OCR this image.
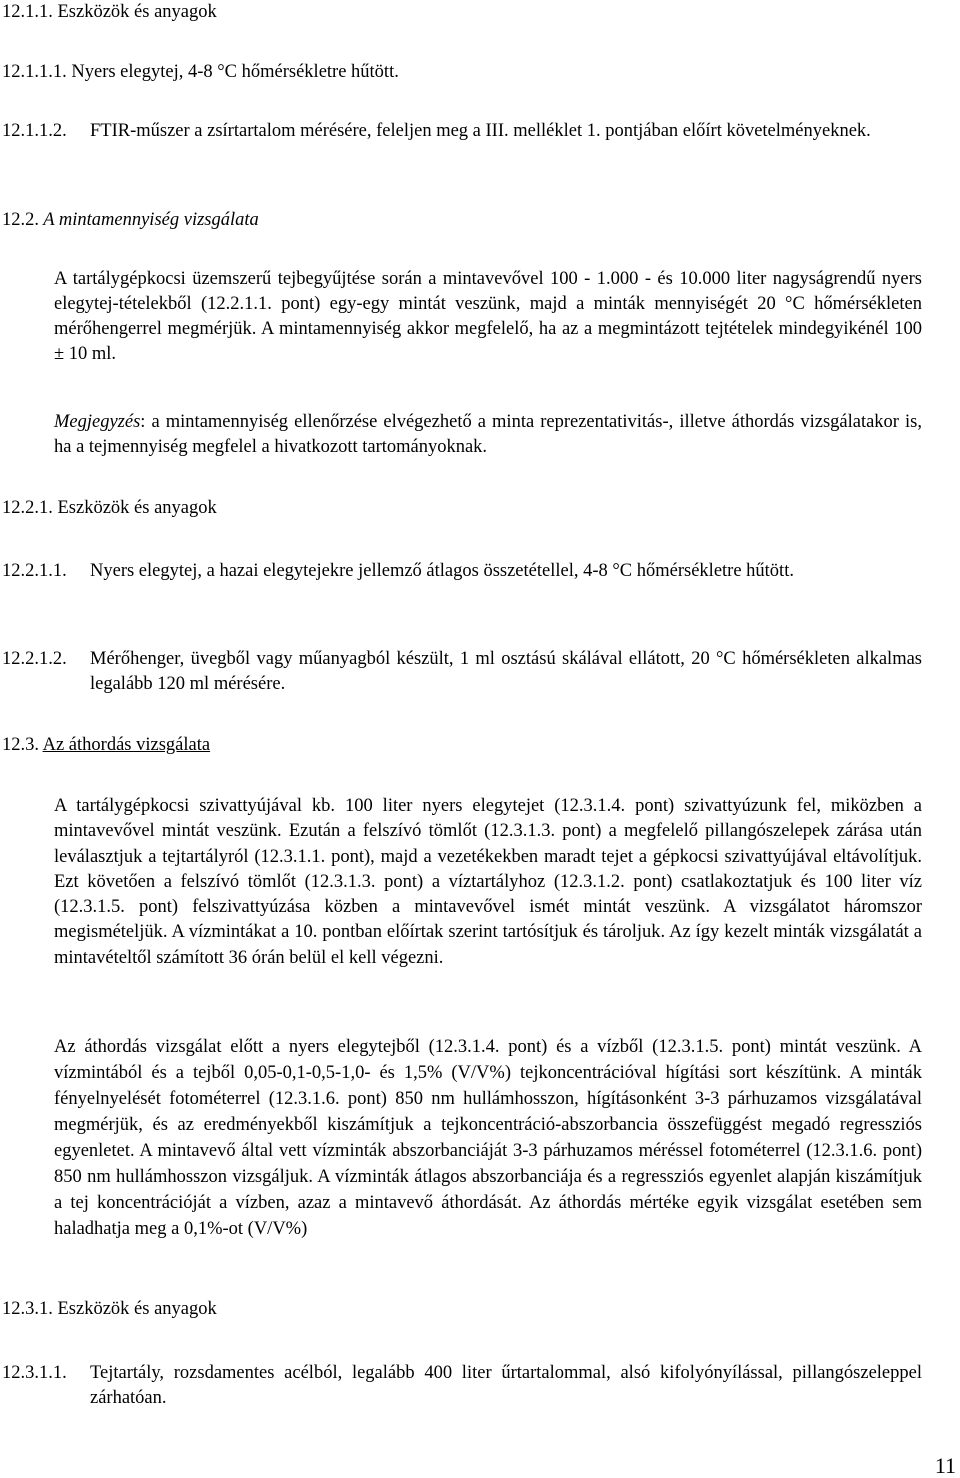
12.1.1. Eszközök és anyagok

12.1.1.1. Nyers elegytej, 4-8 °C hőmérsékletre hűtött.

12.1.1.2.	FTIR-műszer a zsírtartalom mérésére, feleljen meg a III. melléklet 1. pontjában előírt követelményeknek.

12.2. A mintamennyiség vizsgálata

A tartálygépkocsi üzemszerű tejbegyűjtése során a mintavevővel 100 - 1.000 - és 10.000 liter nagyságrendű nyers elegytej-tételekből (12.2.1.1. pont) egy-egy mintát veszünk, majd a minták mennyiségét 20 °C hőmérsékleten mérőhengerrel megmérjük. A mintamennyiség akkor megfelelő, ha az a megmintázott tejtételek mindegyikénél 100 ± 10 ml.

Megjegyzés: a mintamennyiség ellenőrzése elvégezhető a minta reprezentativitás-, illetve áthordás vizsgálatakor is, ha a tejmennyiség megfelel a hivatkozott tartományoknak.

12.2.1. Eszközök és anyagok

12.2.1.1.	Nyers elegytej, a hazai elegytejekre jellemző átlagos összetétellel, 4-8 °C hőmérsékletre hűtött.
12.2.1.2.	Mérőhenger, üvegből vagy műanyagból készült, 1 ml osztású skálával ellátott, 20 °C hőmérsékleten alkalmas legalább 120 ml mérésére.

12.3. Az áthordás vizsgálata

A tartálygépkocsi szivattyújával kb. 100 liter nyers elegytejet (12.3.1.4. pont) szivattyúzunk fel, miközben a mintavevővel mintát veszünk. Ezután a felszívó tömlőt (12.3.1.3. pont) a megfelelő pillangószelepek zárása után leválasztjuk a tejtartályról (12.3.1.1. pont), majd a vezetékekben maradt tejet a gépkocsi szivattyújával eltávolítjuk. Ezt követően a felszívó tömlőt (12.3.1.3. pont) a víztartályhoz (12.3.1.2. pont) csatlakoztatjuk és 100 liter víz (12.3.1.5. pont) felszivattyúzása közben a mintavevővel ismét mintát veszünk. A vizsgálatot háromszor megismételjük. A vízmintákat a 10. pontban előírtak szerint tartósítjuk és tároljuk. Az így kezelt minták vizsgálatát a mintavételtől számított 36 órán belül el kell végezni.

Az áthordás vizsgálat előtt a nyers elegytejből (12.3.1.4. pont) és a vízből (12.3.1.5. pont) mintát veszünk. A vízmintából és a tejből 0,05-0,1-0,5-1,0- és 1,5% (V/V%) tejkoncentrációval hígítási sort készítünk. A minták fényelnyelését fotométerrel (12.3.1.6. pont) 850 nm hullámhosszon, hígításonként 3-3 párhuzamos vizsgálatával megmérjük, és az eredményekből kiszámítjuk a tejkoncentráció-abszorbancia összefüggést megadó regressziós egyenletet. A mintavevő által vett vízminták abszorbanciáját 3-3 párhuzamos méréssel fotométerrel (12.3.1.6. pont) 850 nm hullámhosszon vizsgáljuk. A vízminták átlagos abszorbanciája és a regressziós egyenlet alapján kiszámítjuk a tej koncentrációját a vízben, azaz a mintavevő áthordását. Az áthordás mértéke egyik vizsgálat esetében sem haladhatja meg a 0,1%-ot (V/V%)

12.3.1. Eszközök és anyagok

12.3.1.1.	Tejtartály, rozsdamentes acélból, legalább 400 liter űrtartalommal, alsó kifolyónyílással, pillangószeleppel zárhatóan.
11
